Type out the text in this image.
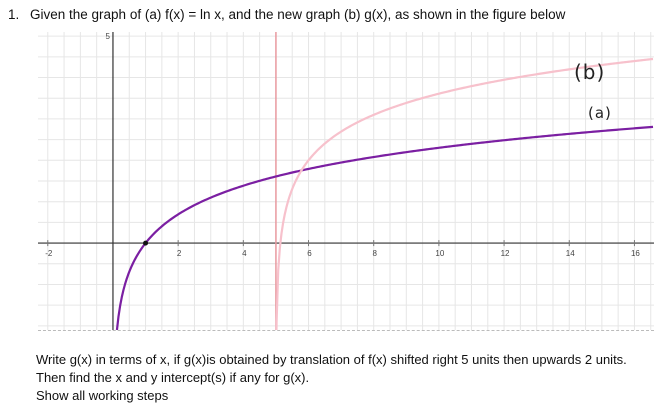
1. Given the graph of (a) f(x) = ln x, and the new graph (b) g(x), as shown in the figure below
-2	2	4	6	8	10	12	14	16
5
(b)
(a)
Write g(x) in terms of x, if g(x)is obtained by translation of f(x) shifted right 5 units then upwards 2 units.
Then find the x and y intercept(s) if any for g(x).
Show all working steps
